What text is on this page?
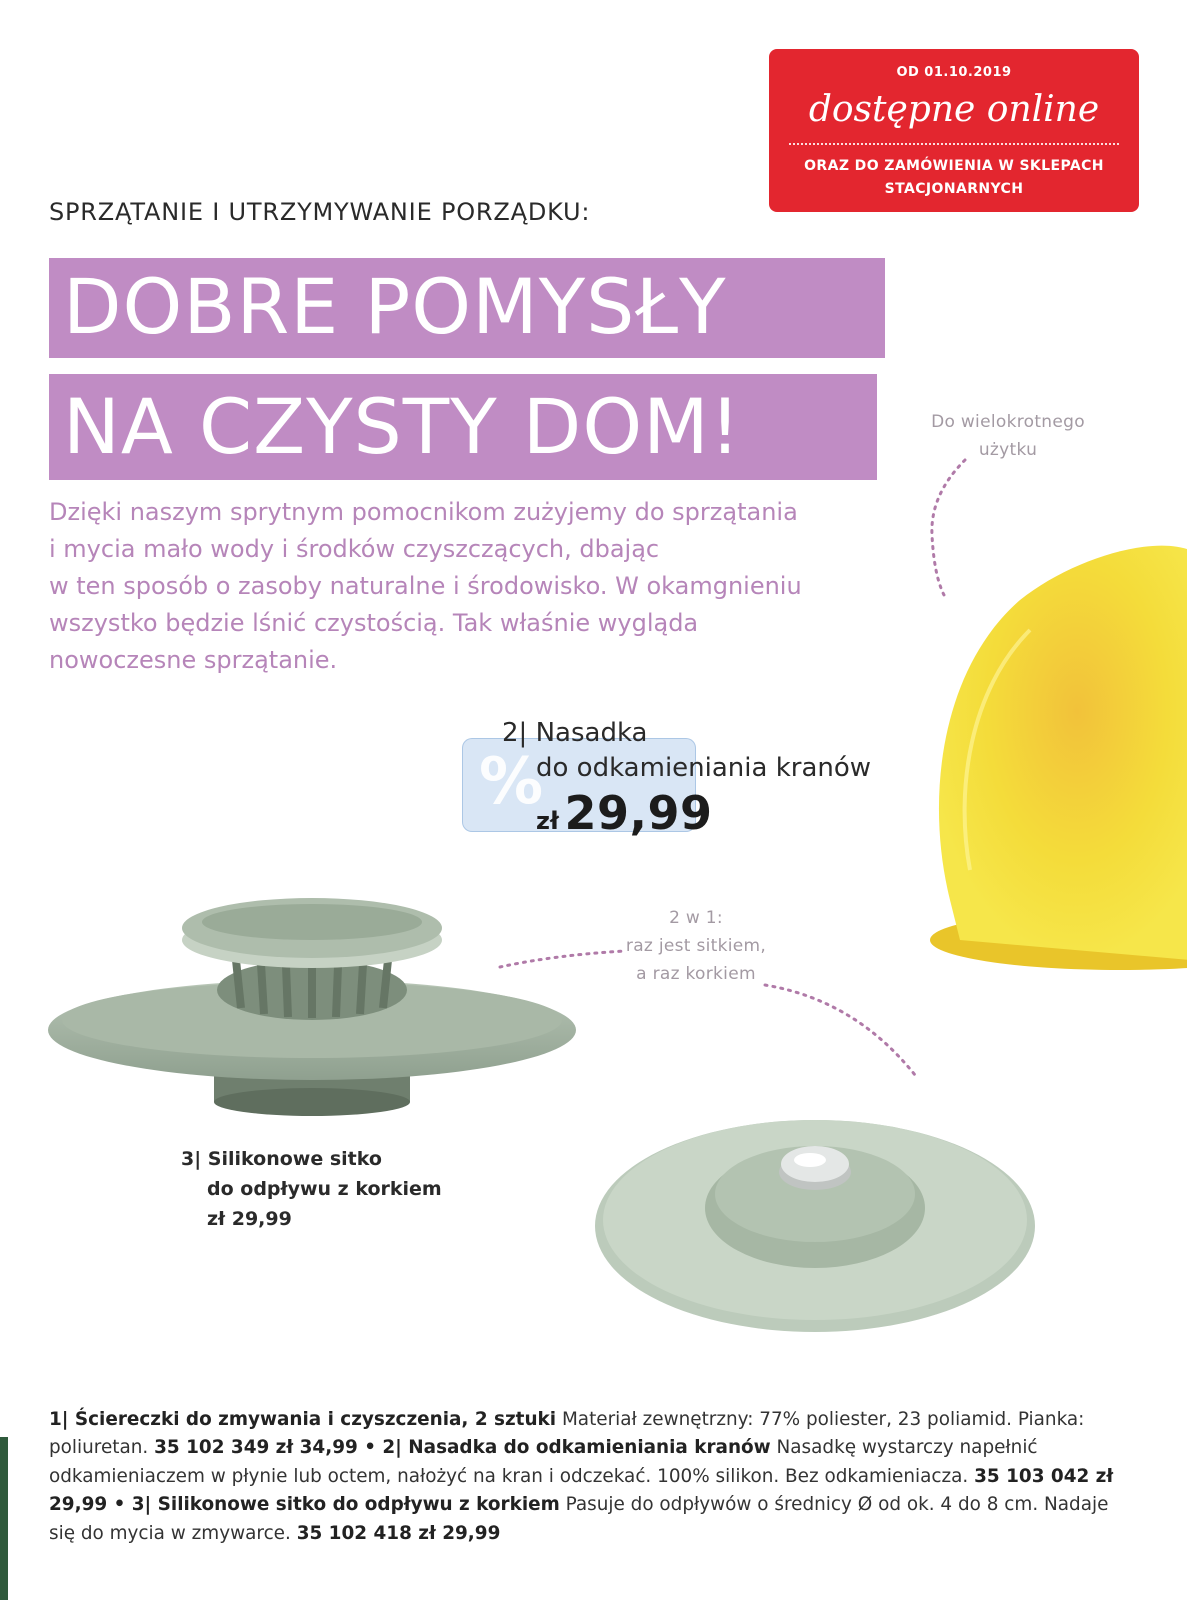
OD 01.10.2019
dostępne online
ORAZ DO ZAMÓWIENIA W SKLEPACH
STACJONARNYCH
SPRZĄTANIE I UTRZYMYWANIE PORZĄDKU:
DOBRE POMYSŁY
NA CZYSTY DOM!
Dzięki naszym sprytnym pomocnikom zużyjemy do sprzątania
i mycia mało wody i środków czyszczących, dbając
w ten sposób o zasoby naturalne i środowisko. W okamgnieniu
wszystko będzie lśnić czystością. Tak właśnie wygląda
nowoczesne sprzątanie.
Do wielokrotnego
użytku
%
2| Nasadka
do odkamieniania kranów
zł 29,99
2 w 1:
raz jest sitkiem,
a raz korkiem
3| Silikonowe sitko
do odpływu z korkiem
zł 29,99

1| Ściereczki do zmywania i czyszczenia, 2 sztuki Materiał zewnętrzny: 77% poliester, 23 poliamid. Pianka: poliuretan. 35 102 349 zł 34,99 • 2| Nasadka do odkamieniania kranów Nasadkę wystarczy napełnić odkamieniaczem w płynie lub octem, nałożyć na kran i odczekać. 100% silikon. Bez odkamieniacza. 35 103 042 zł 29,99 • 3| Silikonowe sitko do odpływu z korkiem Pasuje do odpływów o średnicy Ø od ok. 4 do 8 cm. Nadaje się do mycia w zmywarce. 35 102 418 zł 29,99
